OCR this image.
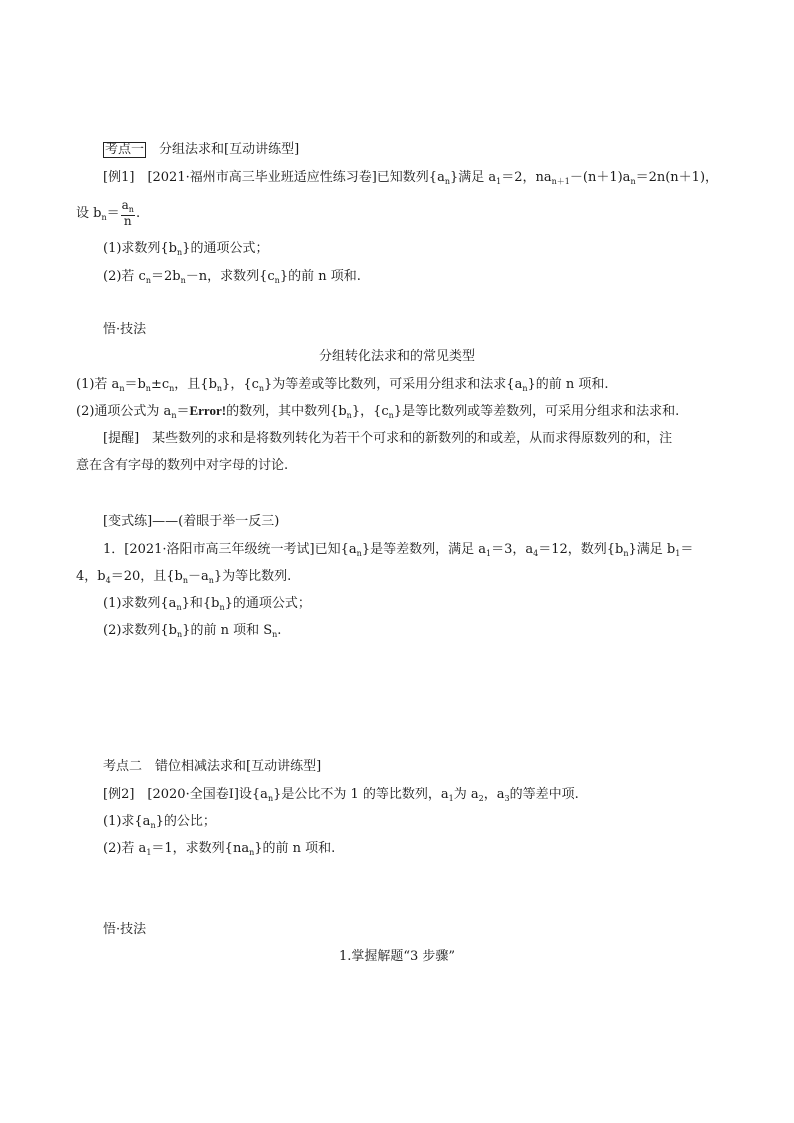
考点一　 分组法求和[互动讲练型]
[例1]　 [2021·福州市高三毕业班适应性练习卷]已知数列$\{a_n\}$满足 $a_1=2$，$na_{n+1}-(n+1)a_n=2n(n+1)$，
设 $b_n= \frac{a_n}{n}$ .
(1)求数列$\{b_n\}$的通项公式；
(2)若 $c_n=2b_n-n$，求数列$\{c_n\}$的前 n 项和.
悟·技法
分组转化法求和的常见类型
(1)若 $a_n=b_n\pm c_n$，且$\{b_n\}$，$\{c_n\}$为等差或等比数列，可采用分组求和法求$\{a_n\}$的前 n 项和.
(2)通项公式为 $a_n=Error$!的数列，其中数列$\{b_n\}$，$\{c_n\}$是等比数列或等差数列，可采用分组求和法求和.
[提醒]　某些数列的求和是将数列转化为若干个可求和的新数列的和或差，从而求得原数列的和，注
意在含有字母的数列中对字母的讨论.
[变式练]——(着眼于举一反三)
1．[2021·洛阳市高三年级统一考试]已知$\{a_n\}$是等差数列，满足 $a_1=3$，$a_4=12$，数列$\{b_n\}$满足 $b_1=$
4，$b_4=20$，且$\{b_n-a_n\}$为等比数列.
(1)求数列$\{a_n\}$和$\{b_n\}$的通项公式；
(2)求数列$\{b_n\}$的前 n 项和 $S_n$.
考点二　错位相减法求和[互动讲练型]
[例2]　[2020·全国卷Ⅰ]设$\{a_n\}$是公比不为 1 的等比数列，$a_1$为 $a_2$，$a_3$的等差中项.
(1)求$\{a_n\}$的公比；
(2)若 $a_1=1$，求数列$\{na_n\}$的前 n 项和.
悟·技法
1.掌握解题“3 步骤”
